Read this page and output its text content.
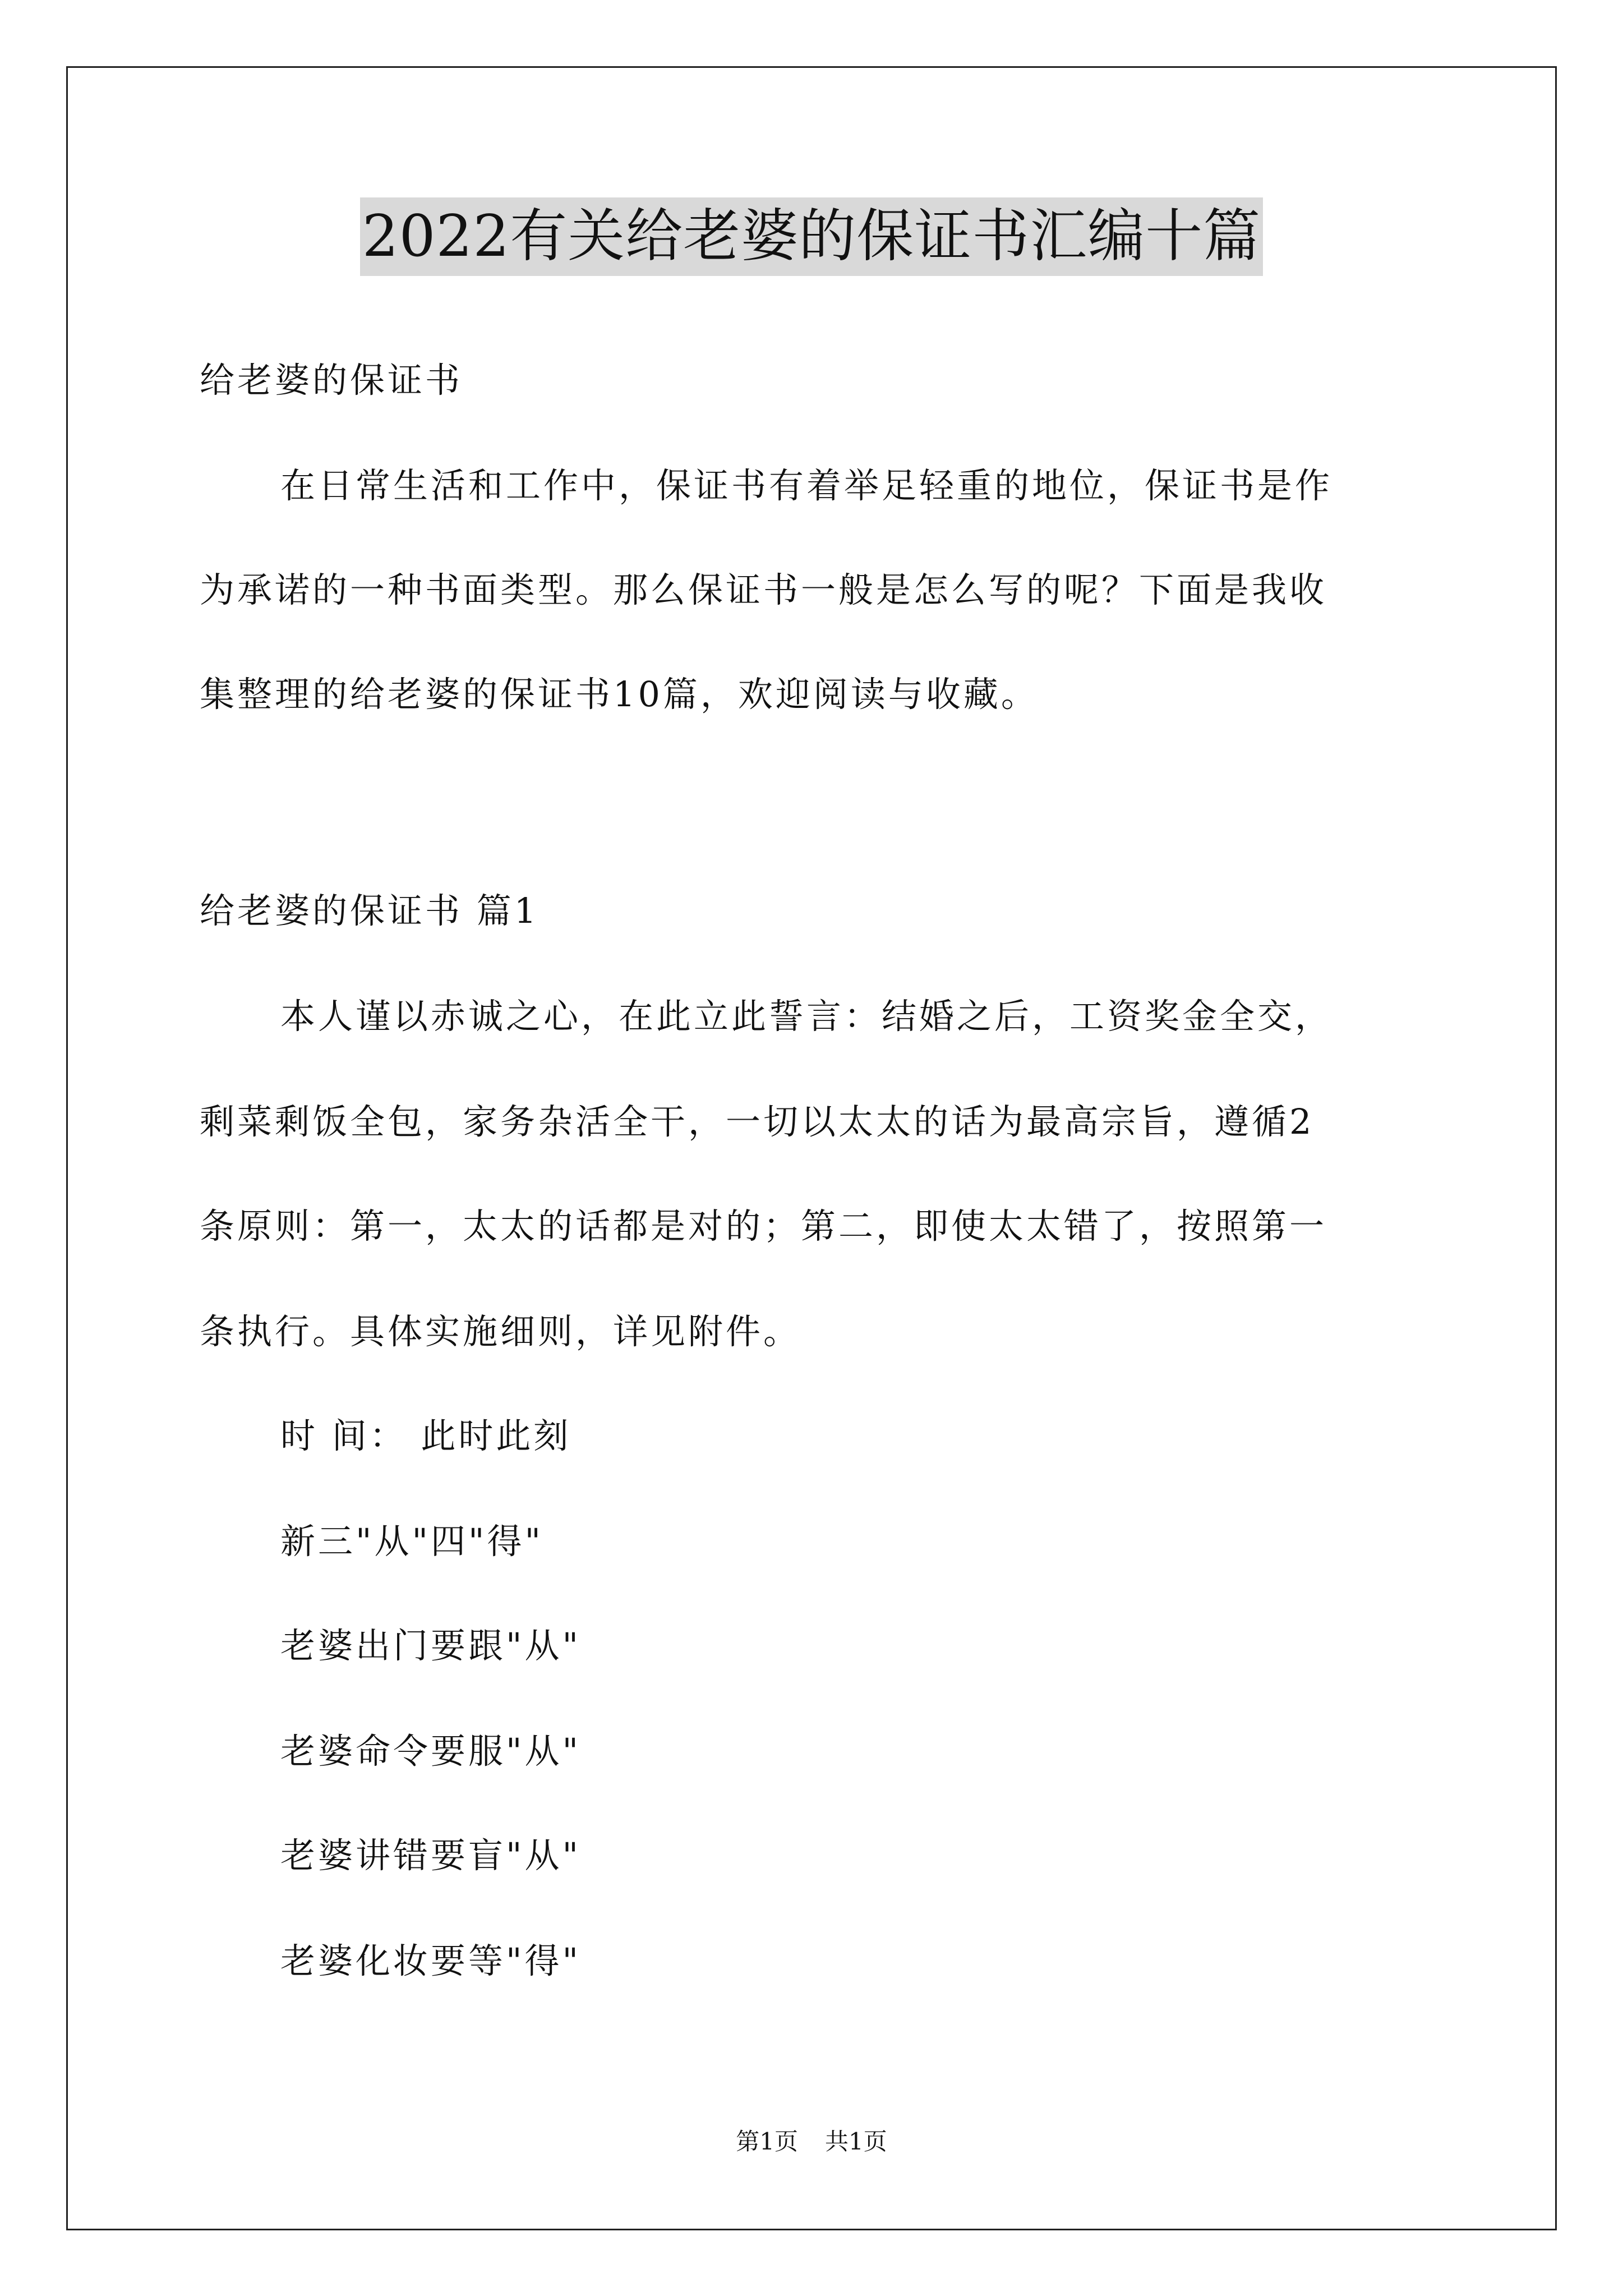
2022有关给老婆的保证书汇编十篇
给老婆的保证书
在日常生活和工作中，保证书有着举足轻重的地位，保证书是作
为承诺的一种书面类型。那么保证书一般是怎么写的呢？下面是我收
集整理的给老婆的保证书10篇，欢迎阅读与收藏。
给老婆的保证书 篇1
本人谨以赤诚之心，在此立此誓言：结婚之后，工资奖金全交，
剩菜剩饭全包，家务杂活全干，一切以太太的话为最高宗旨，遵循2
条原则：第一，太太的话都是对的；第二，即使太太错了，按照第一
条执行。具体实施细则，详见附件。
时 间： 此时此刻
新三"从"四"得"
老婆出门要跟"从"
老婆命令要服"从"
老婆讲错要盲"从"
老婆化妆要等"得"
第1页 共1页
